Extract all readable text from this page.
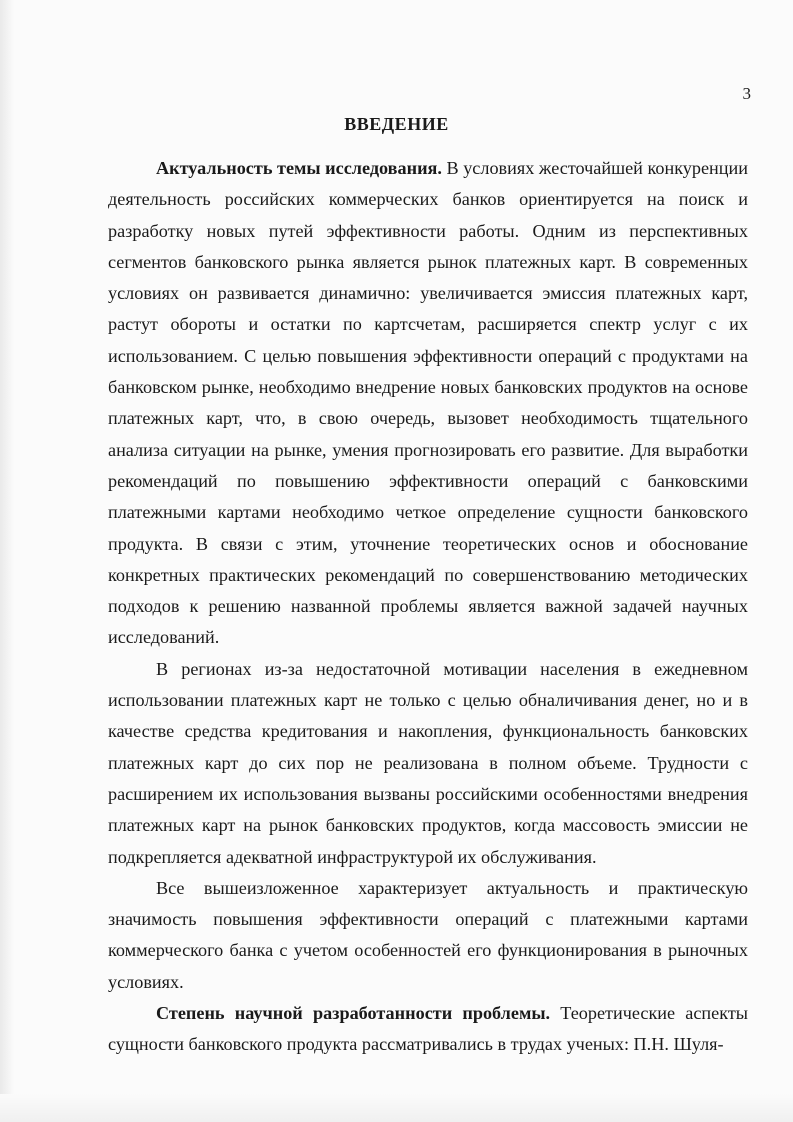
3
ВВЕДЕНИЕ

Актуальность темы исследования. В условиях жесточайшей конкуренции деятельность российских коммерческих банков ориентируется на поиск и разработку новых путей эффективности работы. Одним из перспективных сегментов банковского рынка является рынок платежных карт. В современных условиях он развивается динамично: увеличивается эмиссия платежных карт, растут обороты и остатки по картсчетам, расширяется спектр услуг с их использованием. С целью повышения эффективности операций с продуктами на банковском рынке, необходимо внедрение новых банковских продуктов на основе платежных карт, что, в свою очередь, вызовет необходимость тщательного анализа ситуации на рынке, умения прогнозировать его развитие. Для выработки рекомендаций по повышению эффективности операций с банковскими платежными картами необходимо четкое определение сущности банковского продукта. В связи с этим, уточнение теоретических основ и обоснование конкретных практических рекомендаций по совершенствованию методических подходов к решению названной проблемы является важной задачей научных исследований.

В регионах из-за недостаточной мотивации населения в ежедневном использовании платежных карт не только с целью обналичивания денег, но и в качестве средства кредитования и накопления, функциональность банковских платежных карт до сих пор не реализована в полном объеме. Трудности с расширением их использования вызваны российскими особенностями внедрения платежных карт на рынок банковских продуктов, когда массовость эмиссии не подкрепляется адекватной инфраструктурой их обслуживания.

Все вышеизложенное характеризует актуальность и практическую значимость повышения эффективности операций с платежными картами коммерческого банка с учетом особенностей его функционирования в рыночных условиях.

Степень научной разработанности проблемы. Теоретические аспекты сущности банковского продукта рассматривались в трудах ученых: П.Н. Шуля-
